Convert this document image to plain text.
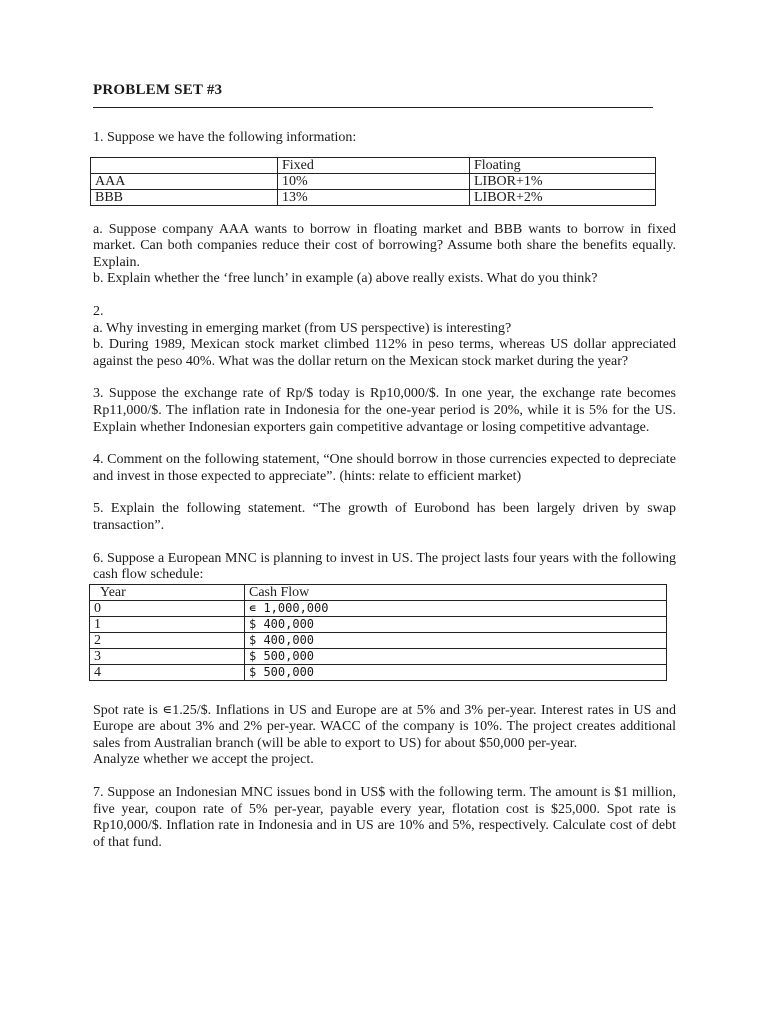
PROBLEM SET #3

1. Suppose we have the following information:

	Fixed	Floating
AAA	10%	LIBOR+1%
BBB	13%	LIBOR+2%

a. Suppose company AAA wants to borrow in floating market and BBB wants to borrow in fixed market. Can both companies reduce their cost of borrowing? Assume both share the benefits equally. Explain.

b. Explain whether the ‘free lunch’ in example (a) above really exists. What do you think?

2.

a. Why investing in emerging market (from US perspective) is interesting?

b. During 1989, Mexican stock market climbed 112% in peso terms, whereas US dollar appreciated against the peso 40%. What was the dollar return on the Mexican stock market during the year?

3. Suppose the exchange rate of Rp/$ today is Rp10,000/$. In one year, the exchange rate becomes Rp11,000/$. The inflation rate in Indonesia for the one-year period is 20%, while it is 5% for the US. Explain whether Indonesian exporters gain competitive advantage or losing competitive advantage.

4. Comment on the following statement, “One should borrow in those currencies expected to depreciate and invest in those expected to appreciate”. (hints: relate to efficient market)

5. Explain the following statement. “The growth of Eurobond has been largely driven by swap transaction”.

6. Suppose a European MNC is planning to invest in US. The project lasts four years with the following cash flow schedule:

Year	Cash Flow
0	∊ 1,000,000
1	$ 400,000
2	$ 400,000
3	$ 500,000
4	$ 500,000

Spot rate is ∊1.25/$. Inflations in US and Europe are at 5% and 3% per-year. Interest rates in US and Europe are about 3% and 2% per-year. WACC of the company is 10%. The project creates additional sales from Australian branch (will be able to export to US) for about $50,000 per-year.

Analyze whether we accept the project.

7. Suppose an Indonesian MNC issues bond in US$ with the following term. The amount is $1 million, five year, coupon rate of 5% per-year, payable every year, flotation cost is $25,000. Spot rate is Rp10,000/$. Inflation rate in Indonesia and in US are 10% and 5%, respectively. Calculate cost of debt of that fund.
